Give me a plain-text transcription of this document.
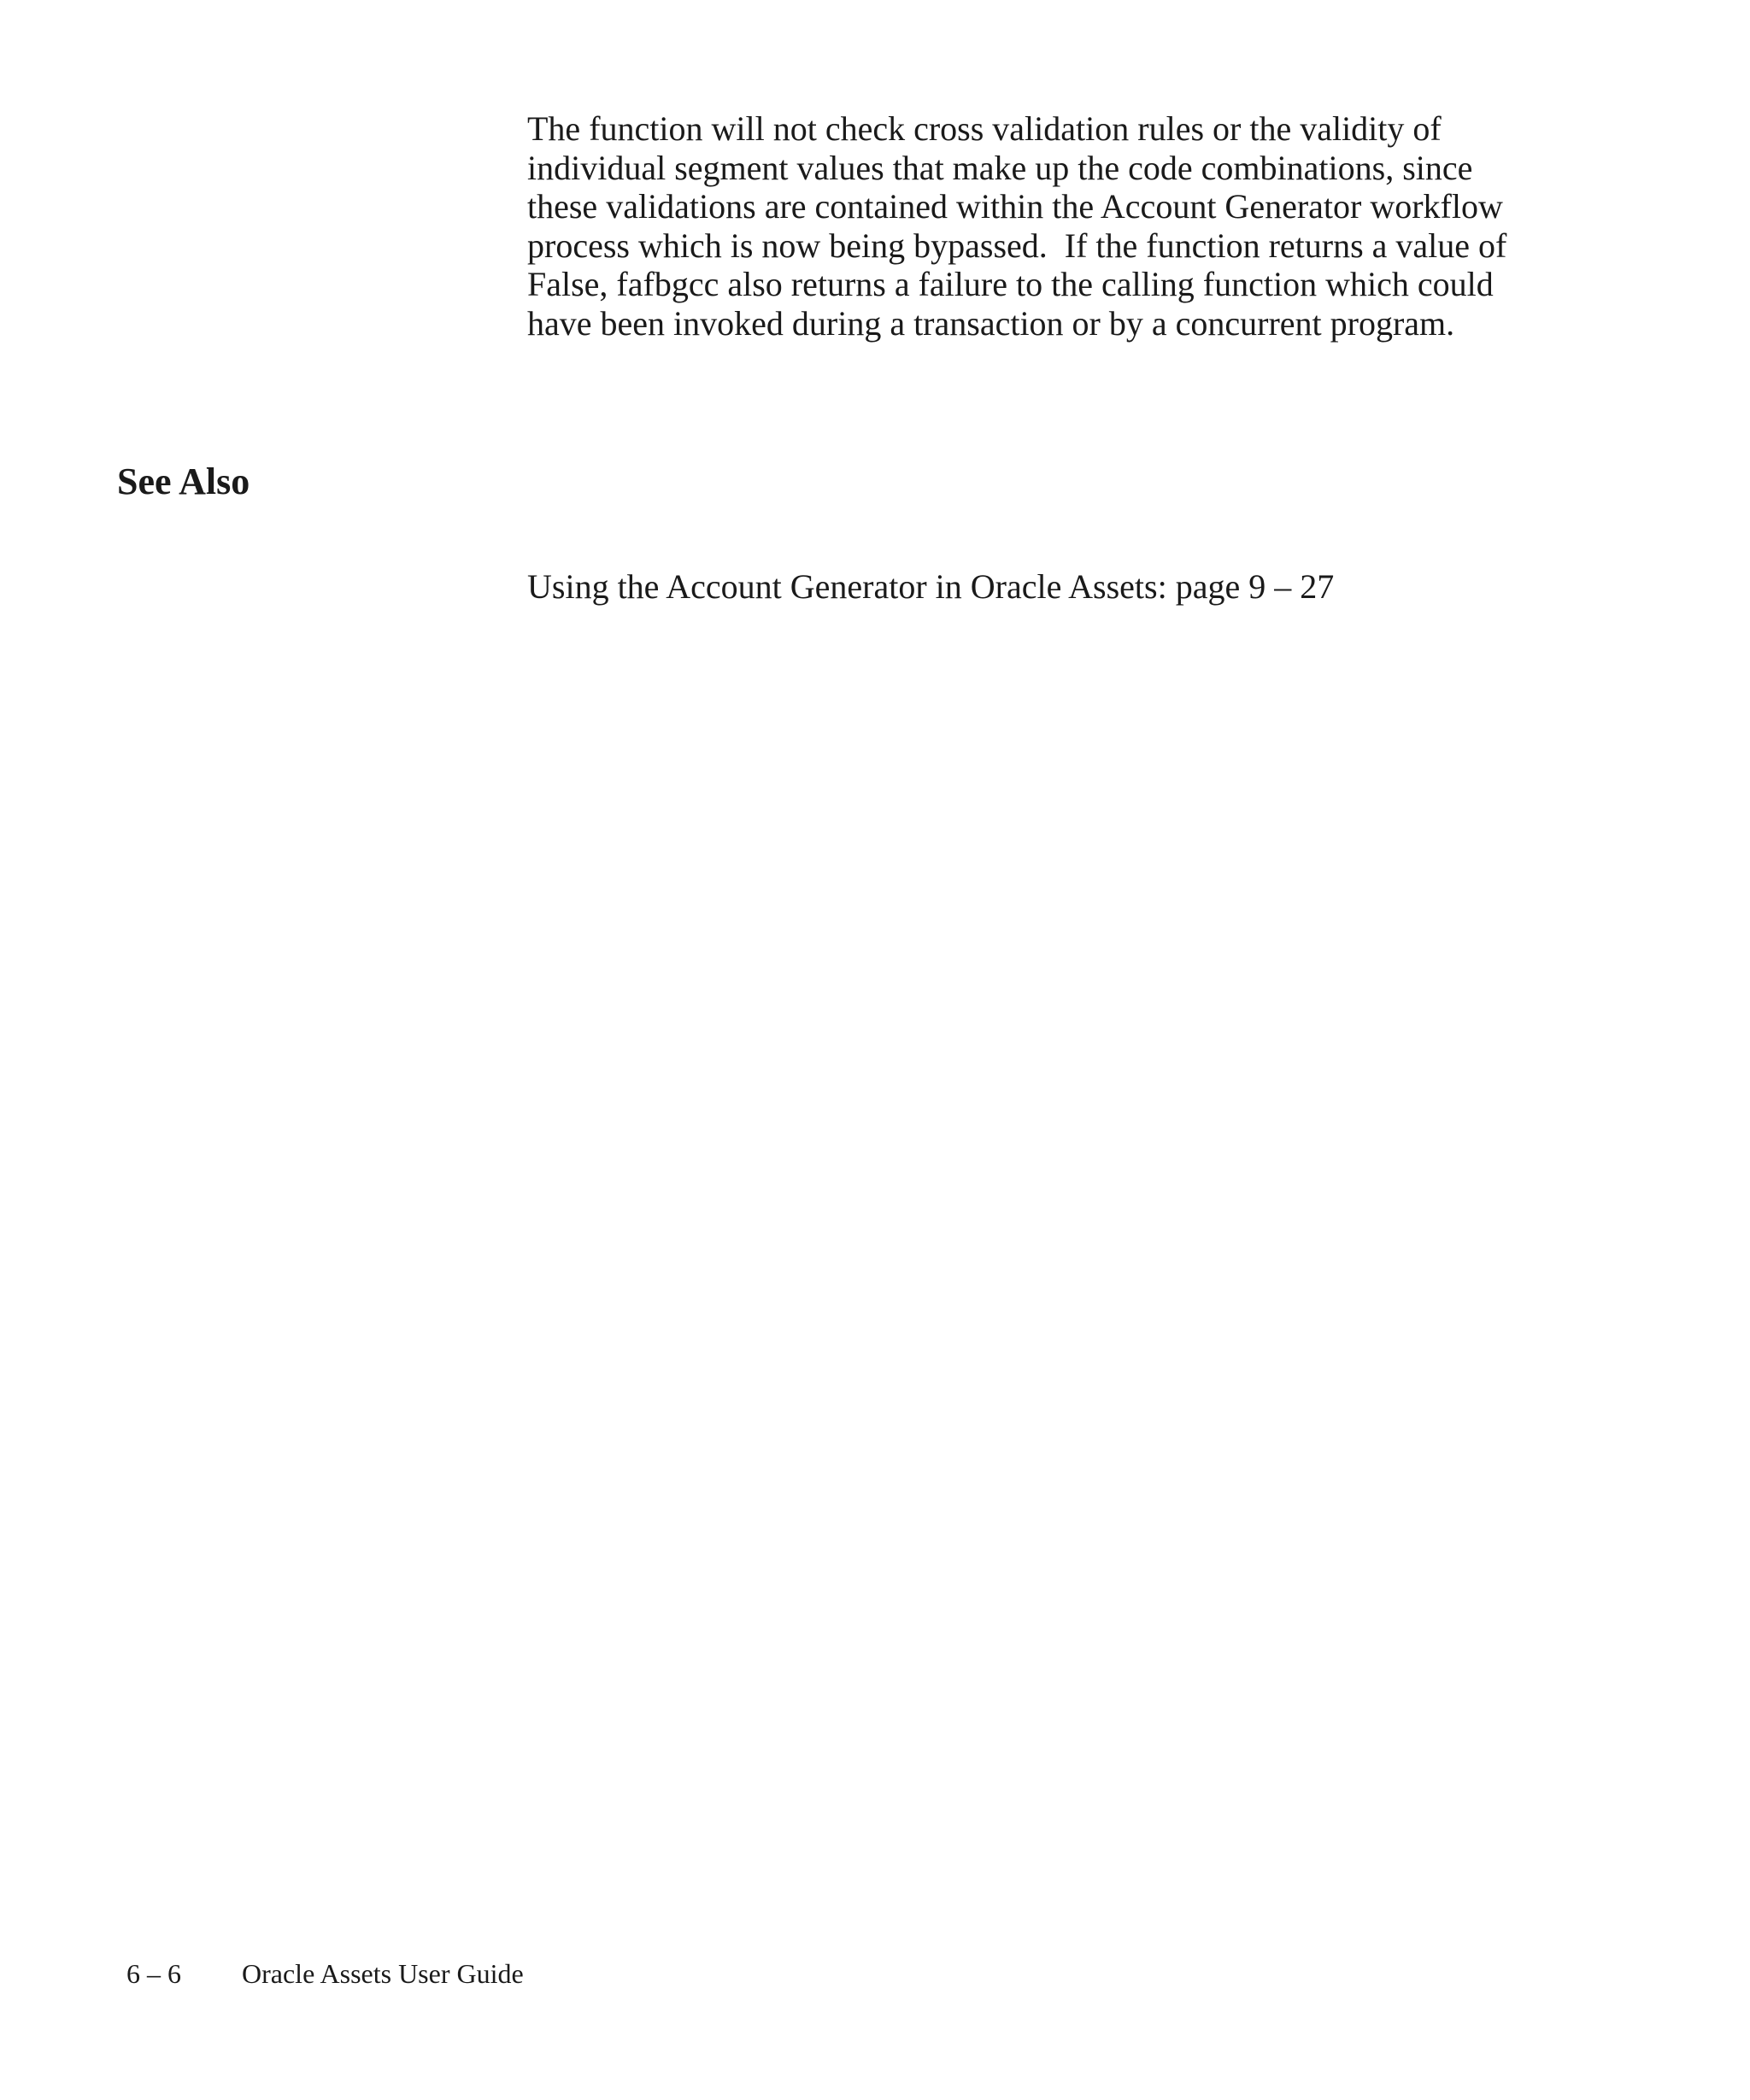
The function will not check cross validation rules or the validity of
individual segment values that make up the code combinations, since
these validations are contained within the Account Generator workflow
process which is now being bypassed.  If the function returns a value of
False, fafbgcc also returns a failure to the calling function which could
have been invoked during a transaction or by a concurrent program.

See Also

Using the Account Generator in Oracle Assets: page 9 – 27

6 – 6 Oracle Assets User Guide
